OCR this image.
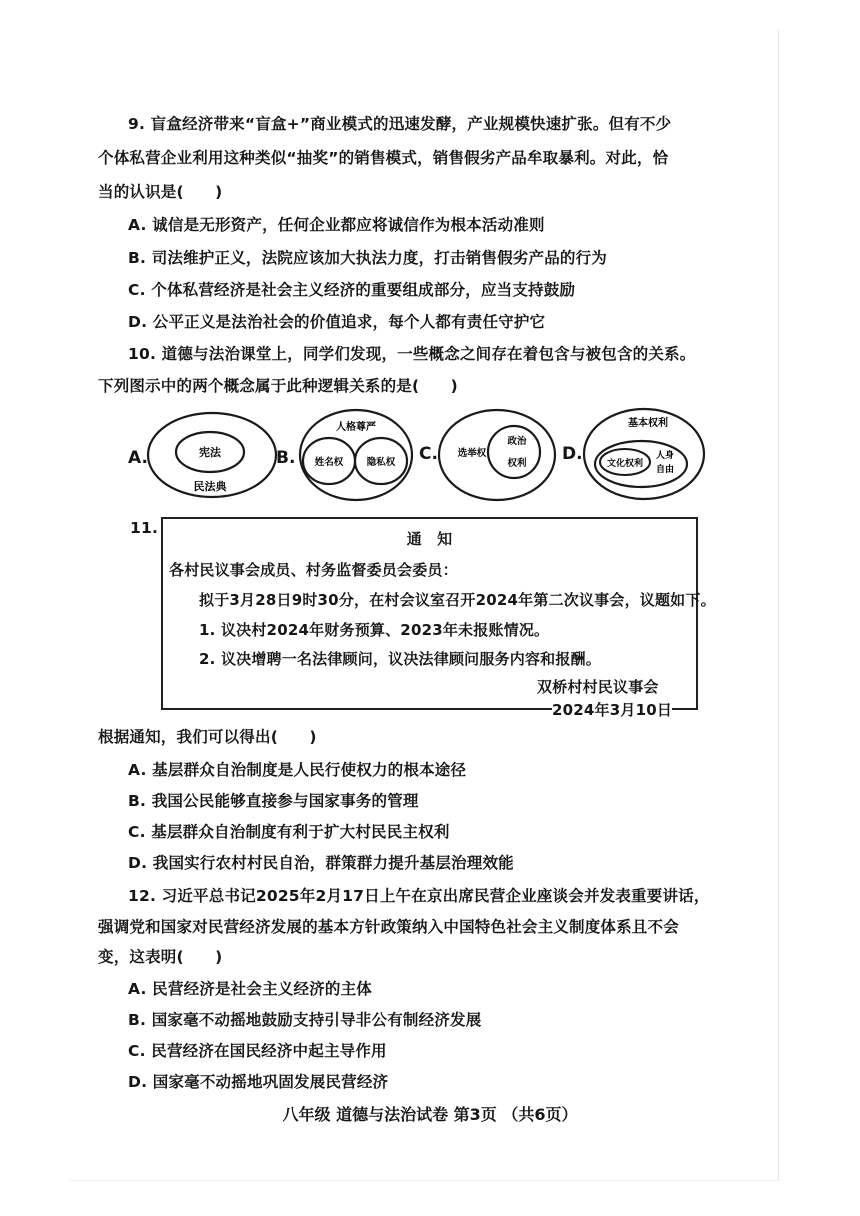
9. 盲盒经济带来“盲盒+”商业模式的迅速发酵，产业规模快速扩张。但有不少
个体私营企业利用这种类似“抽奖”的销售模式，销售假劣产品牟取暴利。对此，恰
当的认识是(　　)
A. 诚信是无形资产，任何企业都应将诚信作为根本活动准则
B. 司法维护正义，法院应该加大执法力度，打击销售假劣产品的行为
C. 个体私营经济是社会主义经济的重要组成部分，应当支持鼓励
D. 公平正义是法治社会的价值追求，每个人都有责任守护它
10. 道德与法治课堂上，同学们发现，一些概念之间存在着包含与被包含的关系。
下列图示中的两个概念属于此种逻辑关系的是(　　)
A.	B.	C.	D.
宪法
民法典
人格尊严
姓名权 隐私权
选举权
政治
权利
基本权利
文化权利
人身
自由
11.
通　知
各村民议事会成员、村务监督委员会委员：
拟于3月28日9时30分，在村会议室召开2024年第二次议事会，议题如下。
1. 议决村2024年财务预算、2023年未报账情况。
2. 议决增聘一名法律顾问，议决法律顾问服务内容和报酬。
双桥村村民议事会
2024年3月10日
根据通知，我们可以得出(　　)
A. 基层群众自治制度是人民行使权力的根本途径
B. 我国公民能够直接参与国家事务的管理
C. 基层群众自治制度有利于扩大村民民主权利
D. 我国实行农村村民自治，群策群力提升基层治理效能
12. 习近平总书记2025年2月17日上午在京出席民营企业座谈会并发表重要讲话，
强调党和国家对民营经济发展的基本方针政策纳入中国特色社会主义制度体系且不会
变，这表明(　　)
A. 民营经济是社会主义经济的主体
B. 国家毫不动摇地鼓励支持引导非公有制经济发展
C. 民营经济在国民经济中起主导作用
D. 国家毫不动摇地巩固发展民营经济
八年级 道德与法治试卷 第3页 （共6页）
